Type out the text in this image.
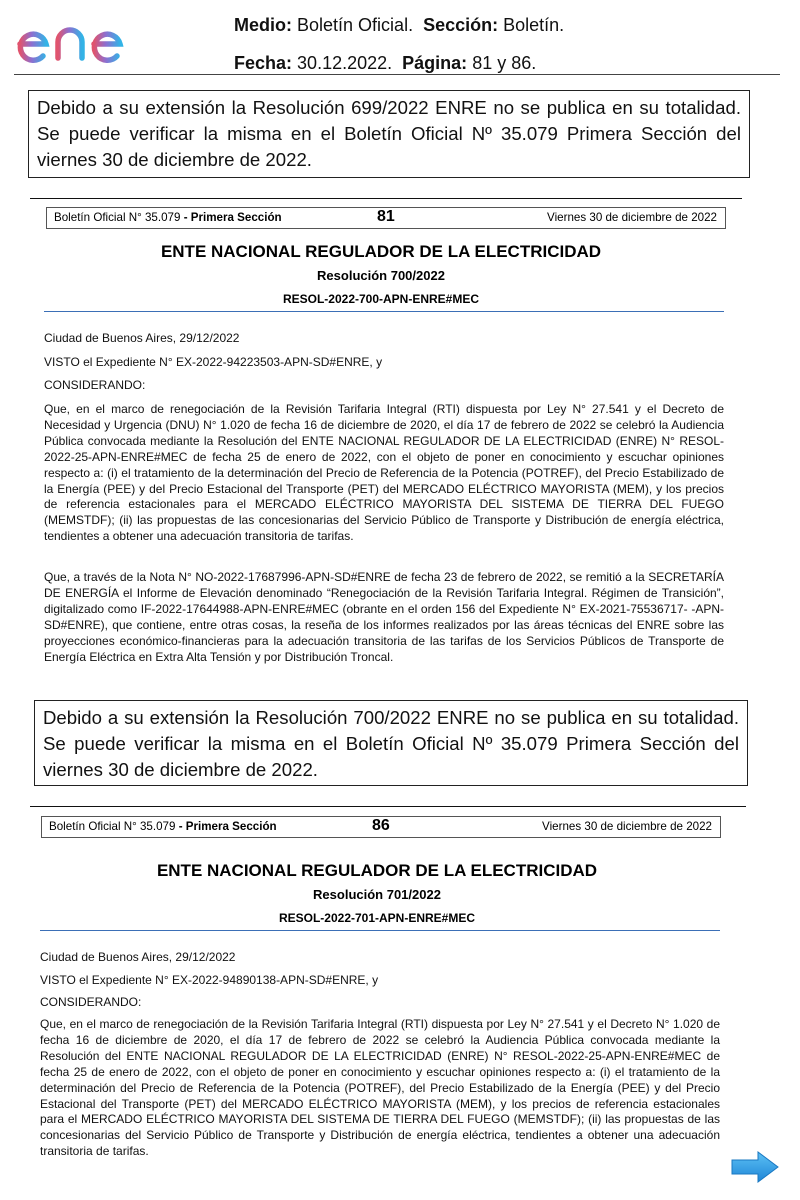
Medio: Boletín Oficial. Sección: Boletín.
Fecha: 30.12.2022. Página: 81 y 86.
Debido a su extensión la Resolución 699/2022 ENRE no se publica en su totalidad. Se puede verificar la misma en el Boletín Oficial Nº 35.079 Primera Sección del viernes 30 de diciembre de 2022.
Boletín Oficial N° 35.079 - Primera Sección	81	Viernes 30 de diciembre de 2022
ENTE NACIONAL REGULADOR DE LA ELECTRICIDAD
Resolución 700/2022
RESOL-2022-700-APN-ENRE#MEC
Ciudad de Buenos Aires, 29/12/2022
VISTO el Expediente N° EX-2022-94223503-APN-SD#ENRE, y
CONSIDERANDO:
Que, en el marco de renegociación de la Revisión Tarifaria Integral (RTI) dispuesta por Ley N° 27.541 y el Decreto de Necesidad y Urgencia (DNU) N° 1.020 de fecha 16 de diciembre de 2020, el día 17 de febrero de 2022 se celebró la Audiencia Pública convocada mediante la Resolución del ENTE NACIONAL REGULADOR DE LA ELECTRICIDAD (ENRE) N° RESOL-2022-25-APN-ENRE#MEC de fecha 25 de enero de 2022, con el objeto de poner en conocimiento y escuchar opiniones respecto a: (i) el tratamiento de la determinación del Precio de Referencia de la Potencia (POTREF), del Precio Estabilizado de la Energía (PEE) y del Precio Estacional del Transporte (PET) del MERCADO ELÉCTRICO MAYORISTA (MEM), y los precios de referencia estacionales para el MERCADO ELÉCTRICO MAYORISTA DEL SISTEMA DE TIERRA DEL FUEGO (MEMSTDF); (ii) las propuestas de las concesionarias del Servicio Público de Transporte y Distribución de energía eléctrica, tendientes a obtener una adecuación transitoria de tarifas.
Que, a través de la Nota N° NO-2022-17687996-APN-SD#ENRE de fecha 23 de febrero de 2022, se remitió a la SECRETARÍA DE ENERGÍA el Informe de Elevación denominado “Renegociación de la Revisión Tarifaria Integral. Régimen de Transición”, digitalizado como IF-2022-17644988-APN-ENRE#MEC (obrante en el orden 156 del Expediente N° EX-2021-75536717- -APN-SD#ENRE), que contiene, entre otras cosas, la reseña de los informes realizados por las áreas técnicas del ENRE sobre las proyecciones económico-financieras para la adecuación transitoria de las tarifas de los Servicios Públicos de Transporte de Energía Eléctrica en Extra Alta Tensión y por Distribución Troncal.
Debido a su extensión la Resolución 700/2022 ENRE no se publica en su totalidad. Se puede verificar la misma en el Boletín Oficial Nº 35.079 Primera Sección del viernes 30 de diciembre de 2022.
Boletín Oficial N° 35.079 - Primera Sección	86	Viernes 30 de diciembre de 2022
ENTE NACIONAL REGULADOR DE LA ELECTRICIDAD
Resolución 701/2022
RESOL-2022-701-APN-ENRE#MEC
Ciudad de Buenos Aires, 29/12/2022
VISTO el Expediente N° EX-2022-94890138-APN-SD#ENRE, y
CONSIDERANDO:
Que, en el marco de renegociación de la Revisión Tarifaria Integral (RTI) dispuesta por Ley N° 27.541 y el Decreto N° 1.020 de fecha 16 de diciembre de 2020, el día 17 de febrero de 2022 se celebró la Audiencia Pública convocada mediante la Resolución del ENTE NACIONAL REGULADOR DE LA ELECTRICIDAD (ENRE) N° RESOL-2022-25-APN-ENRE#MEC de fecha 25 de enero de 2022, con el objeto de poner en conocimiento y escuchar opiniones respecto a: (i) el tratamiento de la determinación del Precio de Referencia de la Potencia (POTREF), del Precio Estabilizado de la Energía (PEE) y del Precio Estacional del Transporte (PET) del MERCADO ELÉCTRICO MAYORISTA (MEM), y los precios de referencia estacionales para el MERCADO ELÉCTRICO MAYORISTA DEL SISTEMA DE TIERRA DEL FUEGO (MEMSTDF); (ii) las propuestas de las concesionarias del Servicio Público de Transporte y Distribución de energía eléctrica, tendientes a obtener una adecuación transitoria de tarifas.
